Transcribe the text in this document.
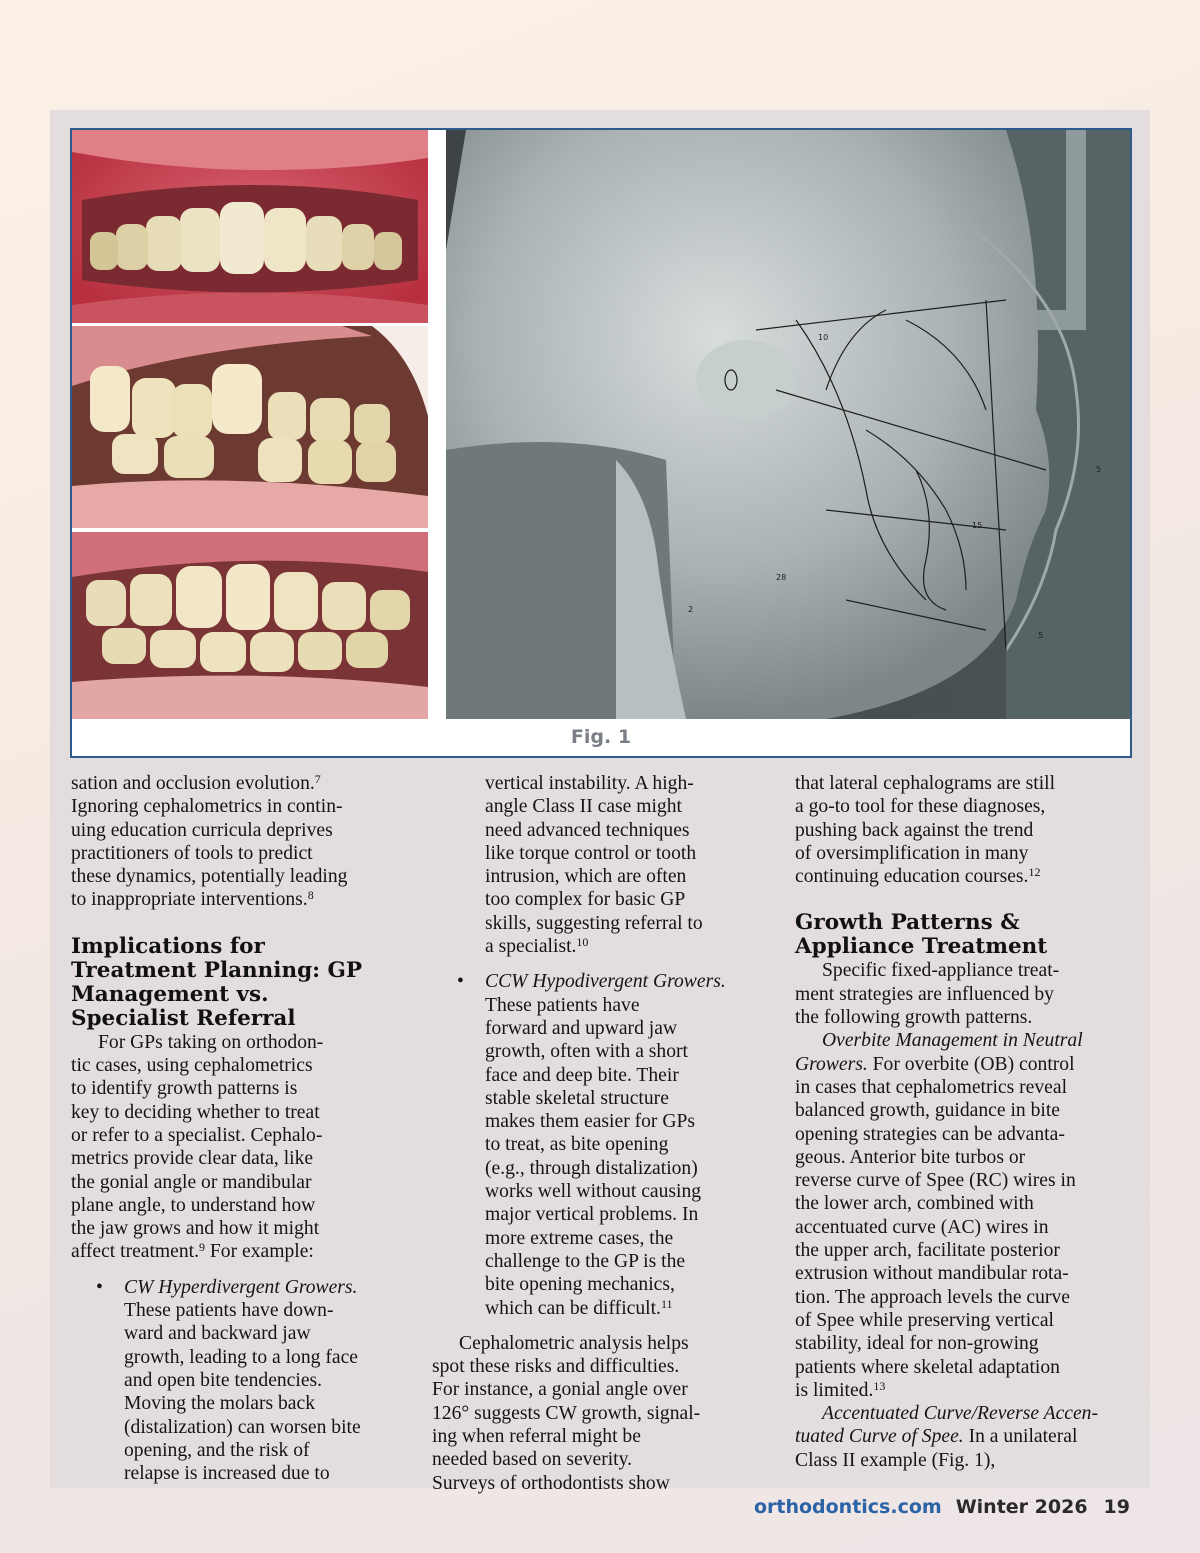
10
28
2
5
15
5
Fig. 1

sation and occlusion evolution.$^7$
Ignoring cephalometrics in contin-
uing education curricula deprives
practitioners of tools to predict
these dynamics, potentially leading
to inappropriate interventions.$^8$

Implications for
Treatment Planning: GP
Management vs.
Specialist Referral

For GPs taking on orthodon-
tic cases, using cephalometrics
to identify growth patterns is
key to deciding whether to treat
or refer to a specialist. Cephalo-
metrics provide clear data, like
the gonial angle or mandibular
plane angle, to understand how
the jaw grows and how it might
affect treatment.$^9$ For example:

• CW Hyperdivergent Growers.
These patients have down-
ward and backward jaw
growth, leading to a long face
and open bite tendencies.
Moving the molars back
(distalization) can worsen bite
opening, and the risk of
relapse is increased due to
vertical instability. A high-
angle Class II case might
need advanced techniques
like torque control or tooth
intrusion, which are often
too complex for basic GP
skills, suggesting referral to
a specialist.$^{10}$
• CCW Hypodivergent Growers.
These patients have
forward and upward jaw
growth, often with a short
face and deep bite. Their
stable skeletal structure
makes them easier for GPs
to treat, as bite opening
(e.g., through distalization)
works well without causing
major vertical problems. In
more extreme cases, the
challenge to the GP is the
bite opening mechanics,
which can be difficult.$^{11}$

Cephalometric analysis helps
spot these risks and difficulties.
For instance, a gonial angle over
126° suggests CW growth, signal-
ing when referral might be
needed based on severity.
Surveys of orthodontists show

that lateral cephalograms are still
a go-to tool for these diagnoses,
pushing back against the trend
of oversimplification in many
continuing education courses.$^{12}$

Growth Patterns &
Appliance Treatment

Specific fixed-appliance treat-
ment strategies are influenced by
the following growth patterns.

Overbite Management in Neutral
Growers. For overbite (OB) control
in cases that cephalometrics reveal
balanced growth, guidance in bite
opening strategies can be advanta-
geous. Anterior bite turbos or
reverse curve of Spee (RC) wires in
the lower arch, combined with
accentuated curve (AC) wires in
the upper arch, facilitate posterior
extrusion without mandibular rota-
tion. The approach levels the curve
of Spee while preserving vertical
stability, ideal for non-growing
patients where skeletal adaptation
is limited.$^{13}$

Accentuated Curve/Reverse Accen-
tuated Curve of Spee. In a unilateral
Class II example (Fig. 1),

orthodontics.com Winter 2026 19
